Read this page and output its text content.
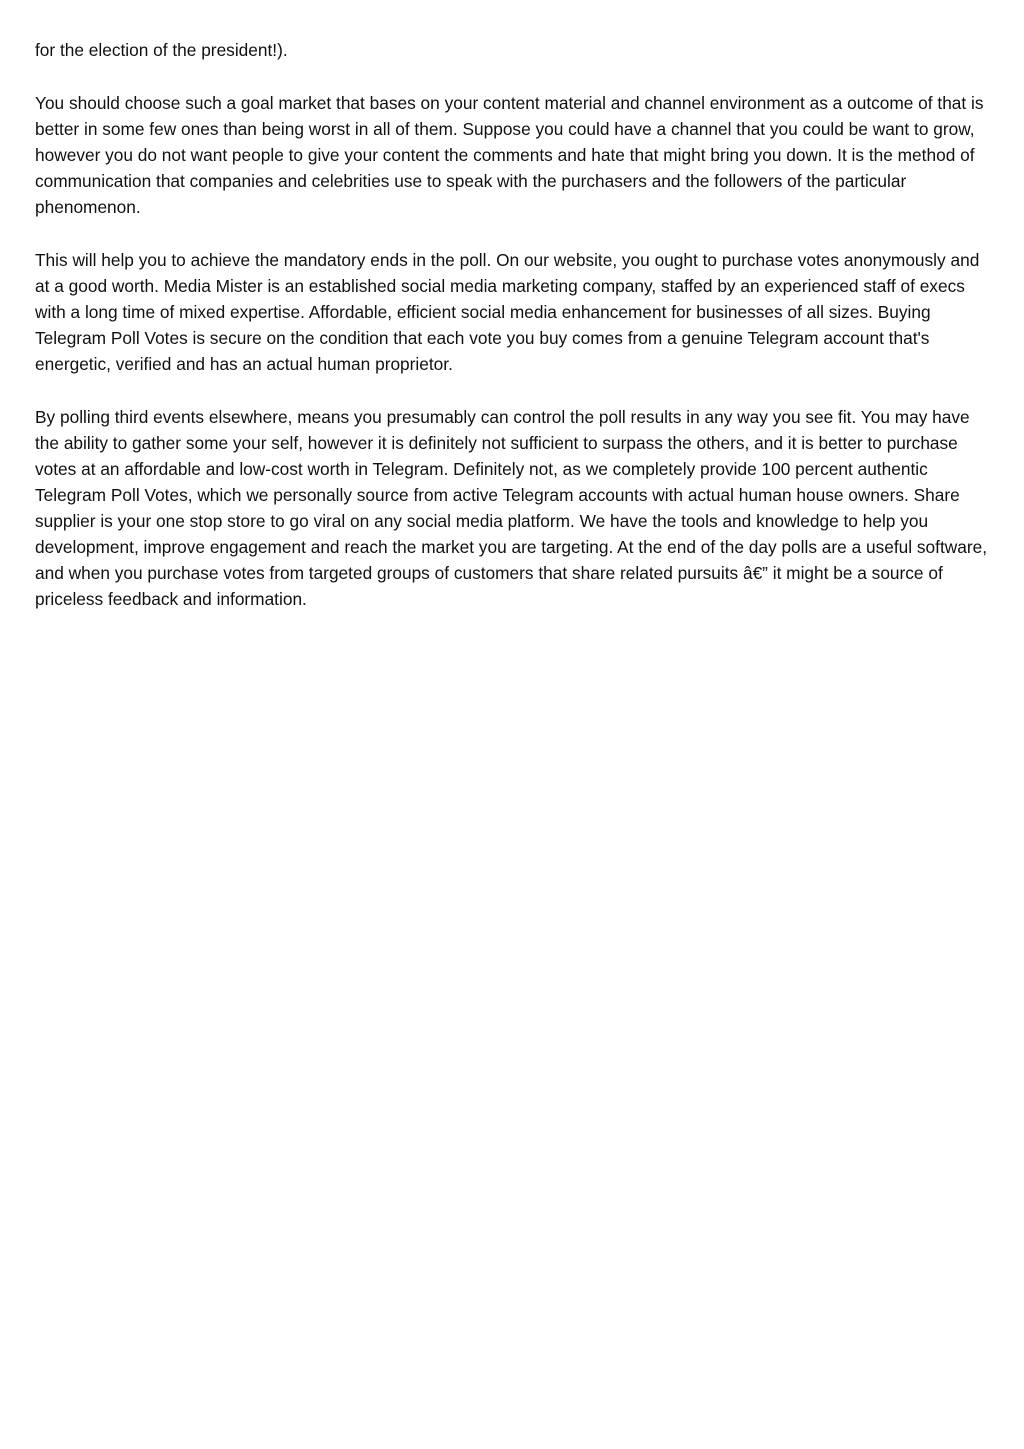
for the election of the president!).

You should choose such a goal market that bases on your content material and channel environment as a outcome of that is better in some few ones than being worst in all of them. Suppose you could have a channel that you could be want to grow, however you do not want people to give your content the comments and hate that might bring you down. It is the method of communication that companies and celebrities use to speak with the purchasers and the followers of the particular phenomenon.

This will help you to achieve the mandatory ends in the poll. On our website, you ought to purchase votes anonymously and at a good worth. Media Mister is an established social media marketing company, staffed by an experienced staff of execs with a long time of mixed expertise. Affordable, efficient social media enhancement for businesses of all sizes. Buying Telegram Poll Votes is secure on the condition that each vote you buy comes from a genuine Telegram account that's energetic, verified and has an actual human proprietor.

By polling third events elsewhere, means you presumably can control the poll results in any way you see fit. You may have the ability to gather some your self, however it is definitely not sufficient to surpass the others, and it is better to purchase votes at an affordable and low-cost worth in Telegram. Definitely not, as we completely provide 100 percent authentic Telegram Poll Votes, which we personally source from active Telegram accounts with actual human house owners. Share supplier is your one stop store to go viral on any social media platform. We have the tools and knowledge to help you development, improve engagement and reach the market you are targeting. At the end of the day polls are a useful software, and when you purchase votes from targeted groups of customers that share related pursuits â€” it might be a source of priceless feedback and information.
